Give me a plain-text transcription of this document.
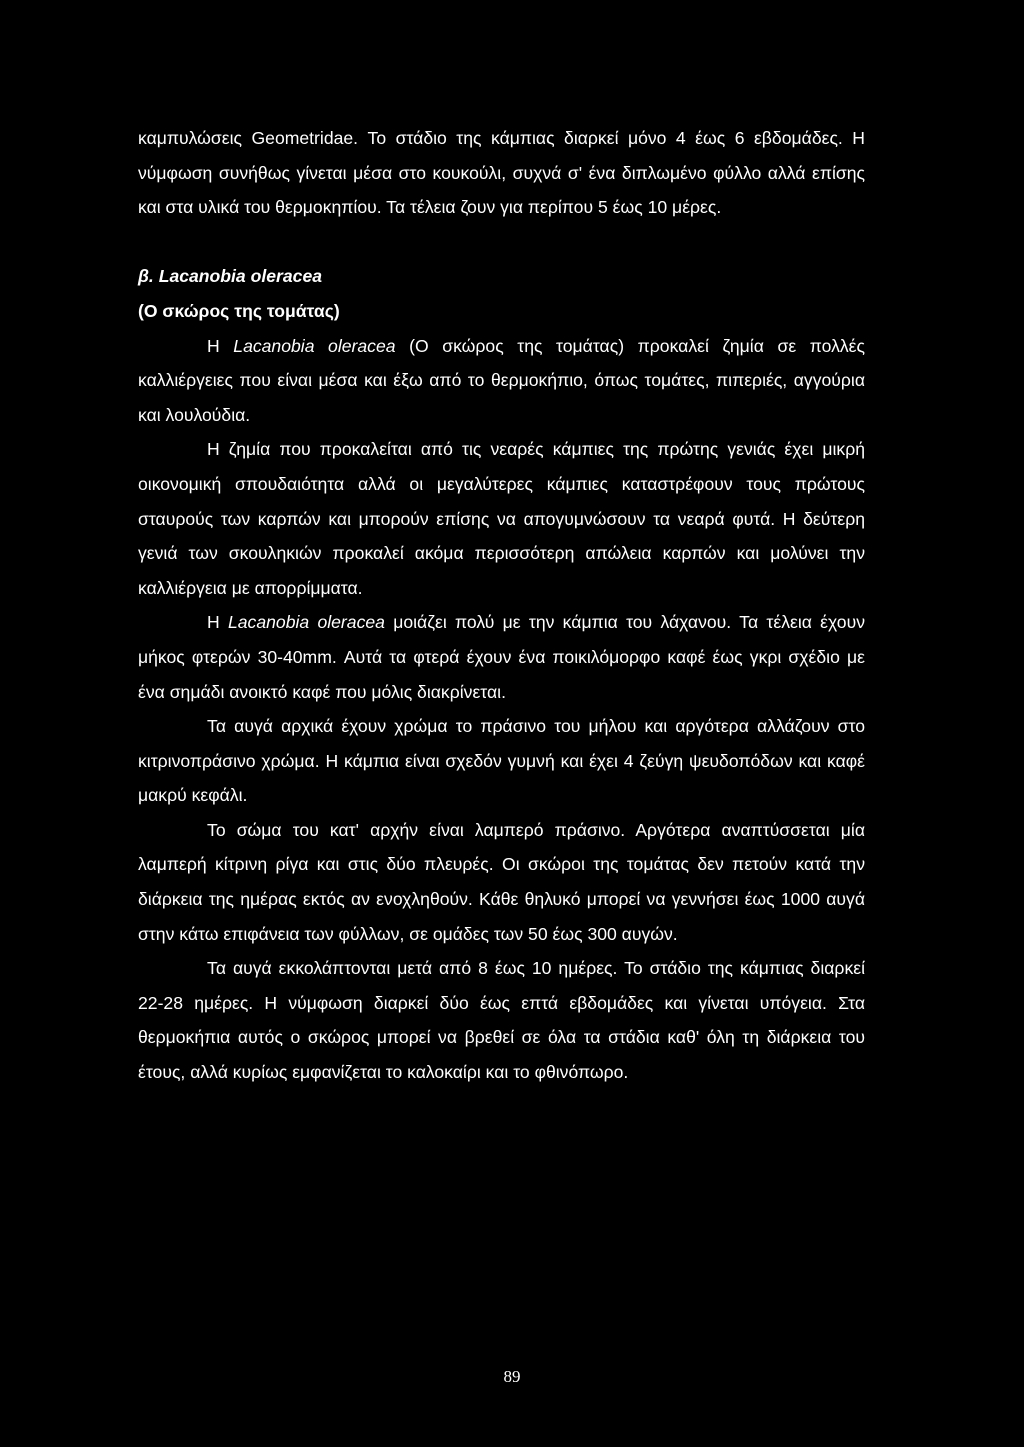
καμπυλώσεις Geometridae. Το στάδιο της κάμπιας διαρκεί μόνο 4 έως 6 εβδομάδες. Η νύμφωση συνήθως γίνεται μέσα στο κουκούλι, συχνά σ' ένα διπλωμένο φύλλο αλλά επίσης και στα υλικά του θερμοκηπίου. Τα τέλεια ζουν για περίπου 5 έως 10 μέρες.

β. Lacanobia oleracea

(Ο σκώρος της τομάτας)

Η Lacanobia oleracea (Ο σκώρος της τομάτας) προκαλεί ζημία σε πολλές καλλιέργειες που είναι μέσα και έξω από το θερμοκήπιο, όπως τομάτες, πιπεριές, αγγούρια και λουλούδια.

Η ζημία που προκαλείται από τις νεαρές κάμπιες της πρώτης γενιάς έχει μικρή οικονομική σπουδαιότητα αλλά οι μεγαλύτερες κάμπιες καταστρέφουν τους πρώτους σταυρούς των καρπών και μπορούν επίσης να απογυμνώσουν τα νεαρά φυτά. Η δεύτερη γενιά των σκουληκιών προκαλεί ακόμα περισσότερη απώλεια καρπών και μολύνει την καλλιέργεια με απορρίμματα.

Η Lacanobia oleracea μοιάζει πολύ με την κάμπια του λάχανου. Τα τέλεια έχουν μήκος φτερών 30-40mm. Αυτά τα φτερά έχουν ένα ποικιλόμορφο καφέ έως γκρι σχέδιο με ένα σημάδι ανοικτό καφέ που μόλις διακρίνεται.

Τα αυγά αρχικά έχουν χρώμα το πράσινο του μήλου και αργότερα αλλάζουν στο κιτρινοπράσινο χρώμα. Η κάμπια είναι σχεδόν γυμνή και έχει 4 ζεύγη ψευδοπόδων και καφέ μακρύ κεφάλι.

Το σώμα του κατ' αρχήν είναι λαμπερό πράσινο. Αργότερα αναπτύσσεται μία λαμπερή κίτρινη ρίγα και στις δύο πλευρές. Οι σκώροι της τομάτας δεν πετούν κατά την διάρκεια της ημέρας εκτός αν ενοχληθούν. Κάθε θηλυκό μπορεί να γεννήσει έως 1000 αυγά στην κάτω επιφάνεια των φύλλων, σε ομάδες των 50 έως 300 αυγών.

Τα αυγά εκκολάπτονται μετά από 8 έως 10 ημέρες. Το στάδιο της κάμπιας διαρκεί 22-28 ημέρες. Η νύμφωση διαρκεί δύο έως επτά εβδομάδες και γίνεται υπόγεια. Στα θερμοκήπια αυτός ο σκώρος μπορεί να βρεθεί σε όλα τα στάδια καθ' όλη τη διάρκεια του έτους, αλλά κυρίως εμφανίζεται το καλοκαίρι και το φθινόπωρο.

89
